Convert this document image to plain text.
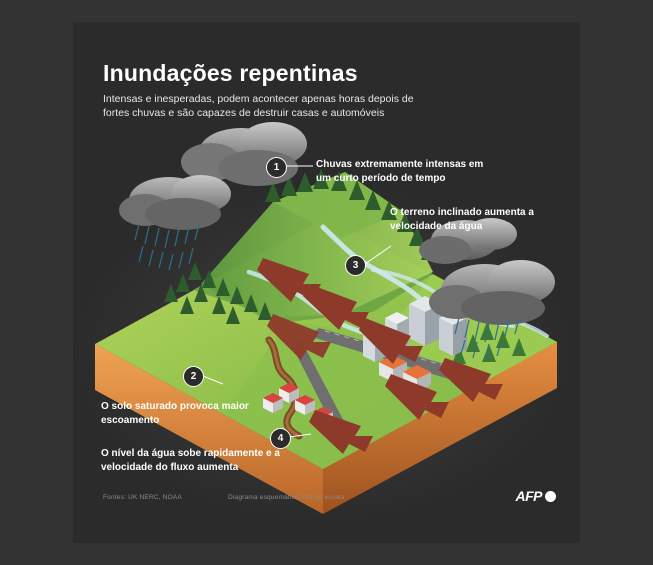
Inundações repentinas
Intensas e inesperadas, podem acontecer apenas horas depois de fortes chuvas e são capazes de destruir casas e automóveis
1	Chuvas extremamente intensas em um curto período de tempo
3
O terreno inclinado aumenta a velocidade da água
2
O solo saturado provoca maior escoamento
4
O nível da água sobe rapidamente e a velocidade do fluxo aumenta
Fontes: UK NERC, NOAA	Diagrama esquemático fora de escala	AFP
